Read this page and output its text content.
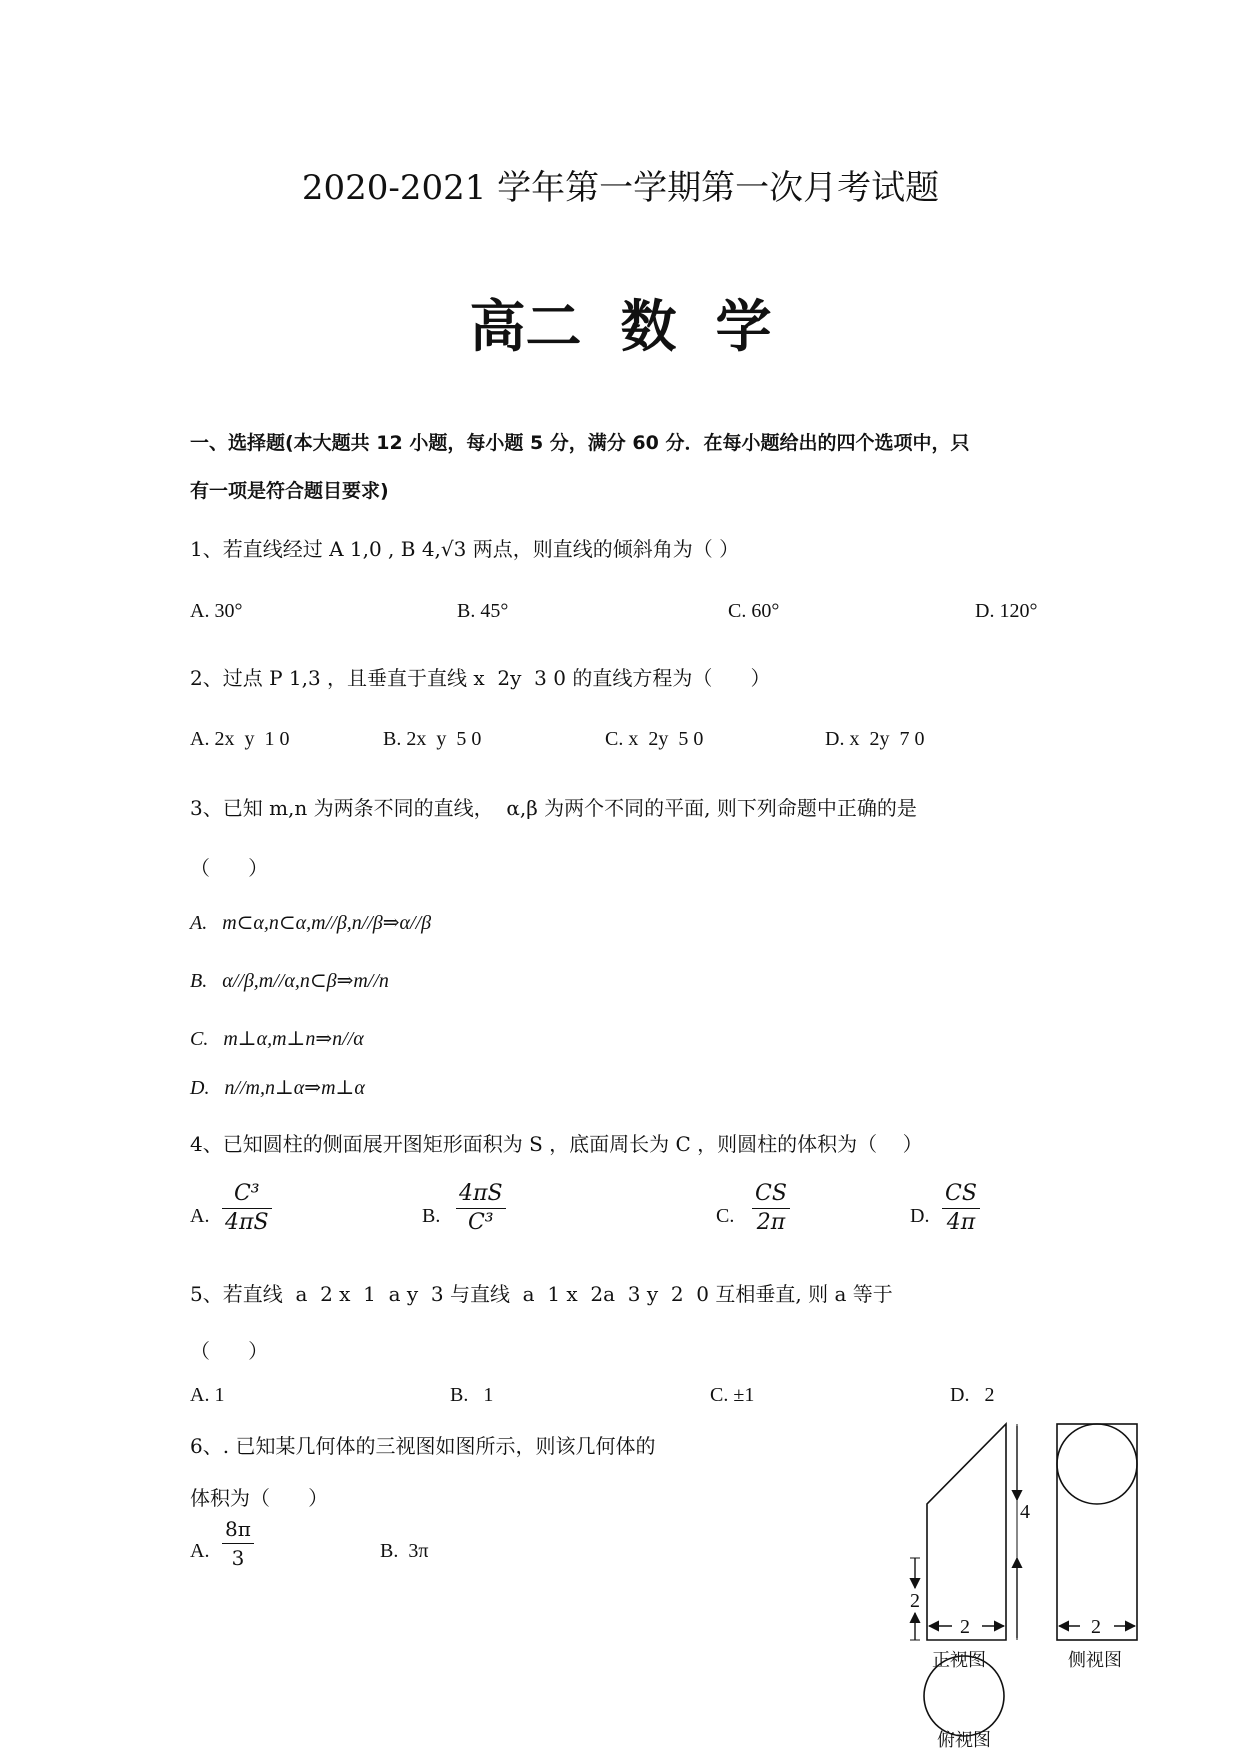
2020-2021 学年第一学期第一次月考试题
高二  数  学
一、选择题(本大题共 12 小题，每小题 5 分，满分 60 分．在每小题给出的四个选项中，只
有一项是符合题目要求)
1、若直线经过 A 1,0 , B 4,√3 两点，则直线的倾斜角为（ ）
A. 30°	B. 45°	C. 60°	D. 120°
2、过点 P 1,3 ，且垂直于直线 x  2y  3 0 的直线方程为（      ）
A. 2x  y  1 0	B. 2x  y  5 0	C. x  2y  5 0	D. x  2y  7 0
3、已知 m,n 为两条不同的直线，  α,β 为两个不同的平面, 则下列命题中正确的是
（      ）
A.   m⊂α,n⊂α,m//β,n//β⇒α//β
B.   α//β,m//α,n⊂β⇒m//n
C.   m⊥α,m⊥n⇒n//α
D.   n//m,n⊥α⇒m⊥α
4、已知圆柱的侧面展开图矩形面积为 S ，底面周长为 C ，则圆柱的体积为（    ）
A. $\frac{\text{C³}}{4\pi S}$	B. $\frac{4\pi S}{\text{C³}}$	C. $\frac{CS}{2\pi}$	D. $\frac{CS}{4\pi}$
5、若直线  a  2 x  1  a y  3 与直线  a  1 x  2a  3 y  2  0 互相垂直, 则 a 等于
（      ）
A. 1	B.   1	C. ±1	D.   2
6、. 已知某几何体的三视图如图所示，则该几何体的
体积为（      ）
A. $\frac{8\pi}{3}$	B.  3π
4
2
2
正视图
2
侧视图
俯视图
